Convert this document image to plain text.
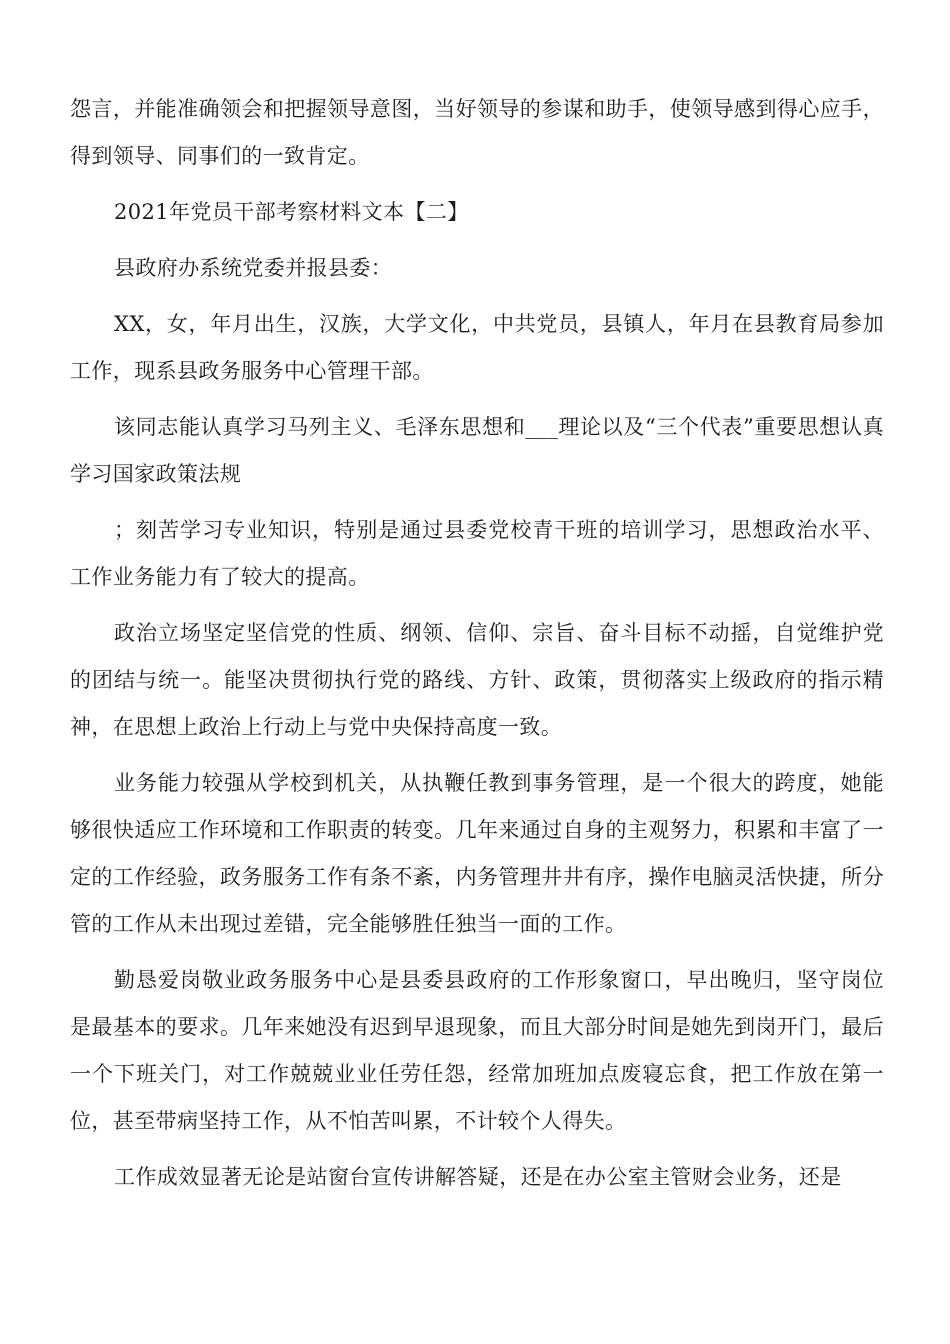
怨言，并能准确领会和把握领导意图，当好领导的参谋和助手，使领导感到得心应手，得到领导、同事们的一致肯定。

2021年党员干部考察材料文本【二】

县政府办系统党委并报县委：

XX，女，年月出生，汉族，大学文化，中共党员，县镇人，年月在县教育局参加工作，现系县政务服务中心管理干部。

该同志能认真学习马列主义、毛泽东思想和___理论以及“三个代表”重要思想认真学习国家政策法规

；刻苦学习专业知识，特别是通过县委党校青干班的培训学习，思想政治水平、工作业务能力有了较大的提高。

政治立场坚定坚信党的性质、纲领、信仰、宗旨、奋斗目标不动摇，自觉维护党的团结与统一。能坚决贯彻执行党的路线、方针、政策，贯彻落实上级政府的指示精神，在思想上政治上行动上与党中央保持高度一致。

业务能力较强从学校到机关，从执鞭任教到事务管理，是一个很大的跨度，她能够很快适应工作环境和工作职责的转变。几年来通过自身的主观努力，积累和丰富了一定的工作经验，政务服务工作有条不紊，内务管理井井有序，操作电脑灵活快捷，所分管的工作从未出现过差错，完全能够胜任独当一面的工作。

勤恳爱岗敬业政务服务中心是县委县政府的工作形象窗口，早出晚归，坚守岗位是最基本的要求。几年来她没有迟到早退现象，而且大部分时间是她先到岗开门，最后一个下班关门，对工作兢兢业业任劳任怨，经常加班加点废寝忘食，把工作放在第一位，甚至带病坚持工作，从不怕苦叫累，不计较个人得失。

工作成效显著无论是站窗台宣传讲解答疑，还是在办公室主管财会业务，还是
